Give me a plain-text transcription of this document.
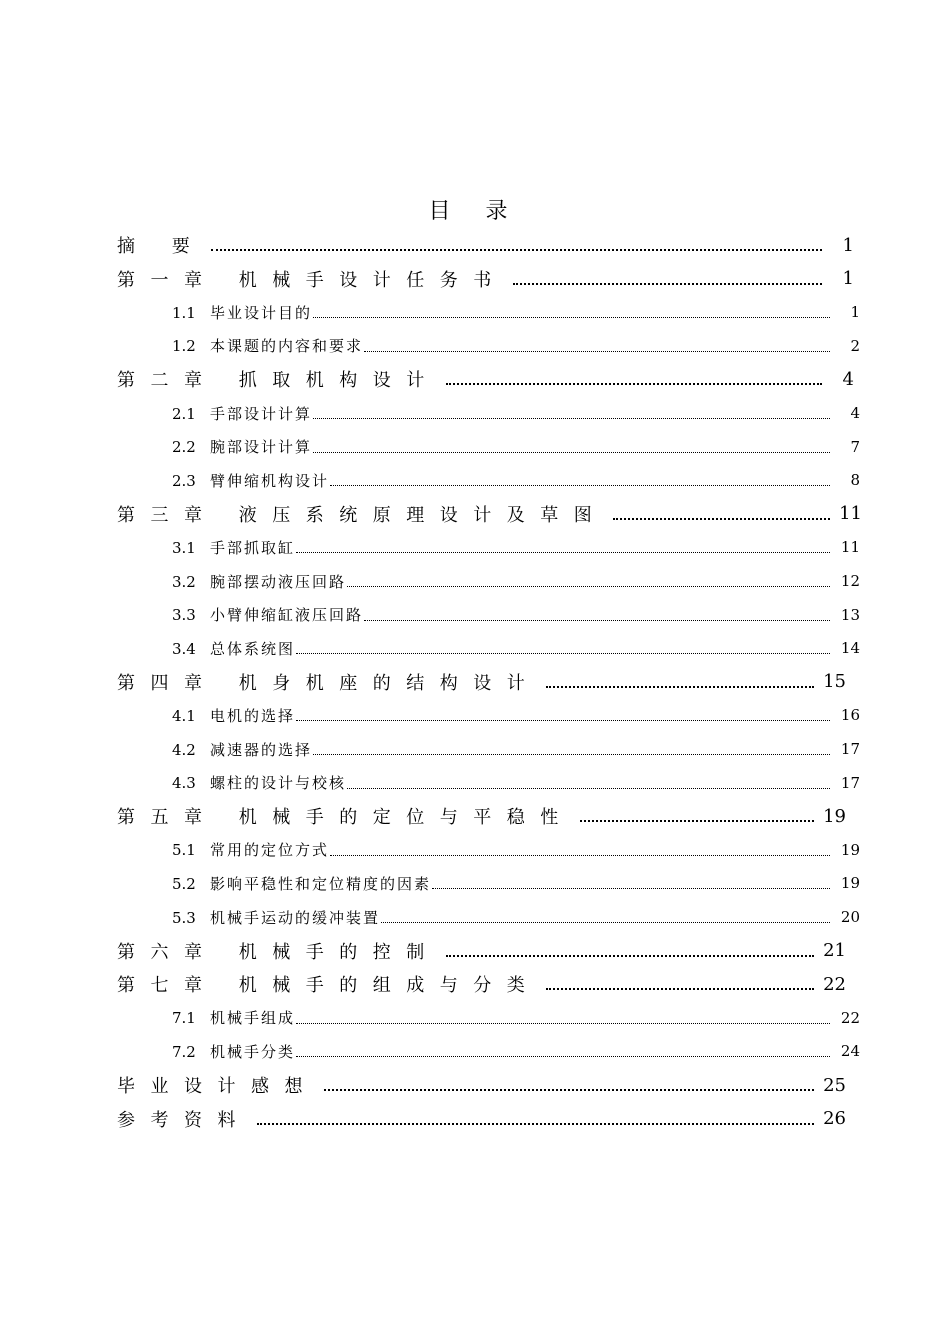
目 录
摘 要	1
第一章 机械手设计任务书	1
1.1 毕业设计目的	1
1.2 本课题的内容和要求	2
第二章 抓取机构设计	4
2.1 手部设计计算	4
2.2 腕部设计计算	7
2.3 臂伸缩机构设计	8
第三章 液压系统原理设计及草图	11
3.1 手部抓取缸	11
3.2 腕部摆动液压回路	12
3.3 小臂伸缩缸液压回路	13
3.4 总体系统图	14
第四章 机身机座的结构设计	15
4.1 电机的选择	16
4.2 减速器的选择	17
4.3 螺柱的设计与校核	17
第五章 机械手的定位与平稳性	19
5.1 常用的定位方式	19
5.2 影响平稳性和定位精度的因素	19
5.3 机械手运动的缓冲装置	20
第六章 机械手的控制	21
第七章 机械手的组成与分类	22
7.1 机械手组成	22
7.2 机械手分类	24
毕业设计感想	25
参考资料	26
